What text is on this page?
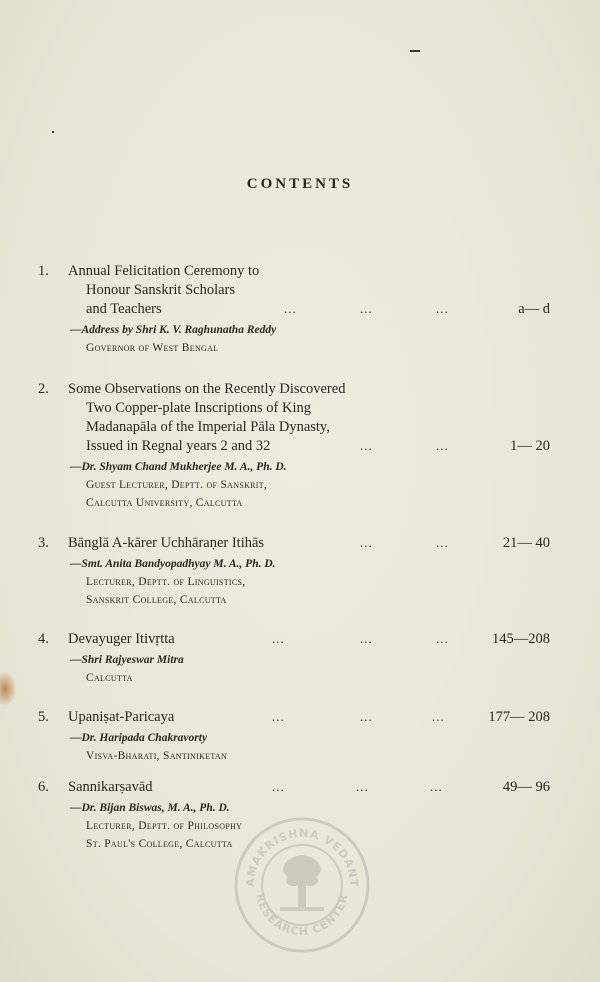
CONTENTS
1. Annual Felicitation Ceremony to
Honour Sanskrit Scholars
and Teachers	...	...	...	a— d
—Address by Shri K. V. Raghunatha Reddy
Governor of West Bengal
2. Some Observations on the Recently Discovered
Two Copper-plate Inscriptions of King
Madanapāla of the Imperial Pāla Dynasty,
Issued in Regnal years 2 and 32	...	...	1— 20
—Dr. Shyam Chand Mukherjee M. A., Ph. D.
Guest Lecturer, Deptt. of Sanskrit,
Calcutta University, Calcutta
3. Bānglā A-kārer Uchhāraṇer Itihās	...	...	21— 40
—Smt. Anita Bandyopadhyay M. A., Ph. D.
Lecturer, Deptt. of Linguistics,
Sanskrit College, Calcutta
4. Devayuger Itivṛtta	...	...	...	145—208
—Shri Rajyeswar Mitra
Calcutta
5. Upaniṣat-Paricaya	...	...	...	177— 208
—Dr. Haripada Chakravorty
Visva-Bharati, Santiniketan
6. Sannikarṣavād	...	...	...	49— 96
—Dr. Bijan Biswas, M. A., Ph. D.
Lecturer, Deptt. of Philosophy
St. Paul's College, Calcutta
AMAKRISHNA VEDANT
RESEARCH CENTER
